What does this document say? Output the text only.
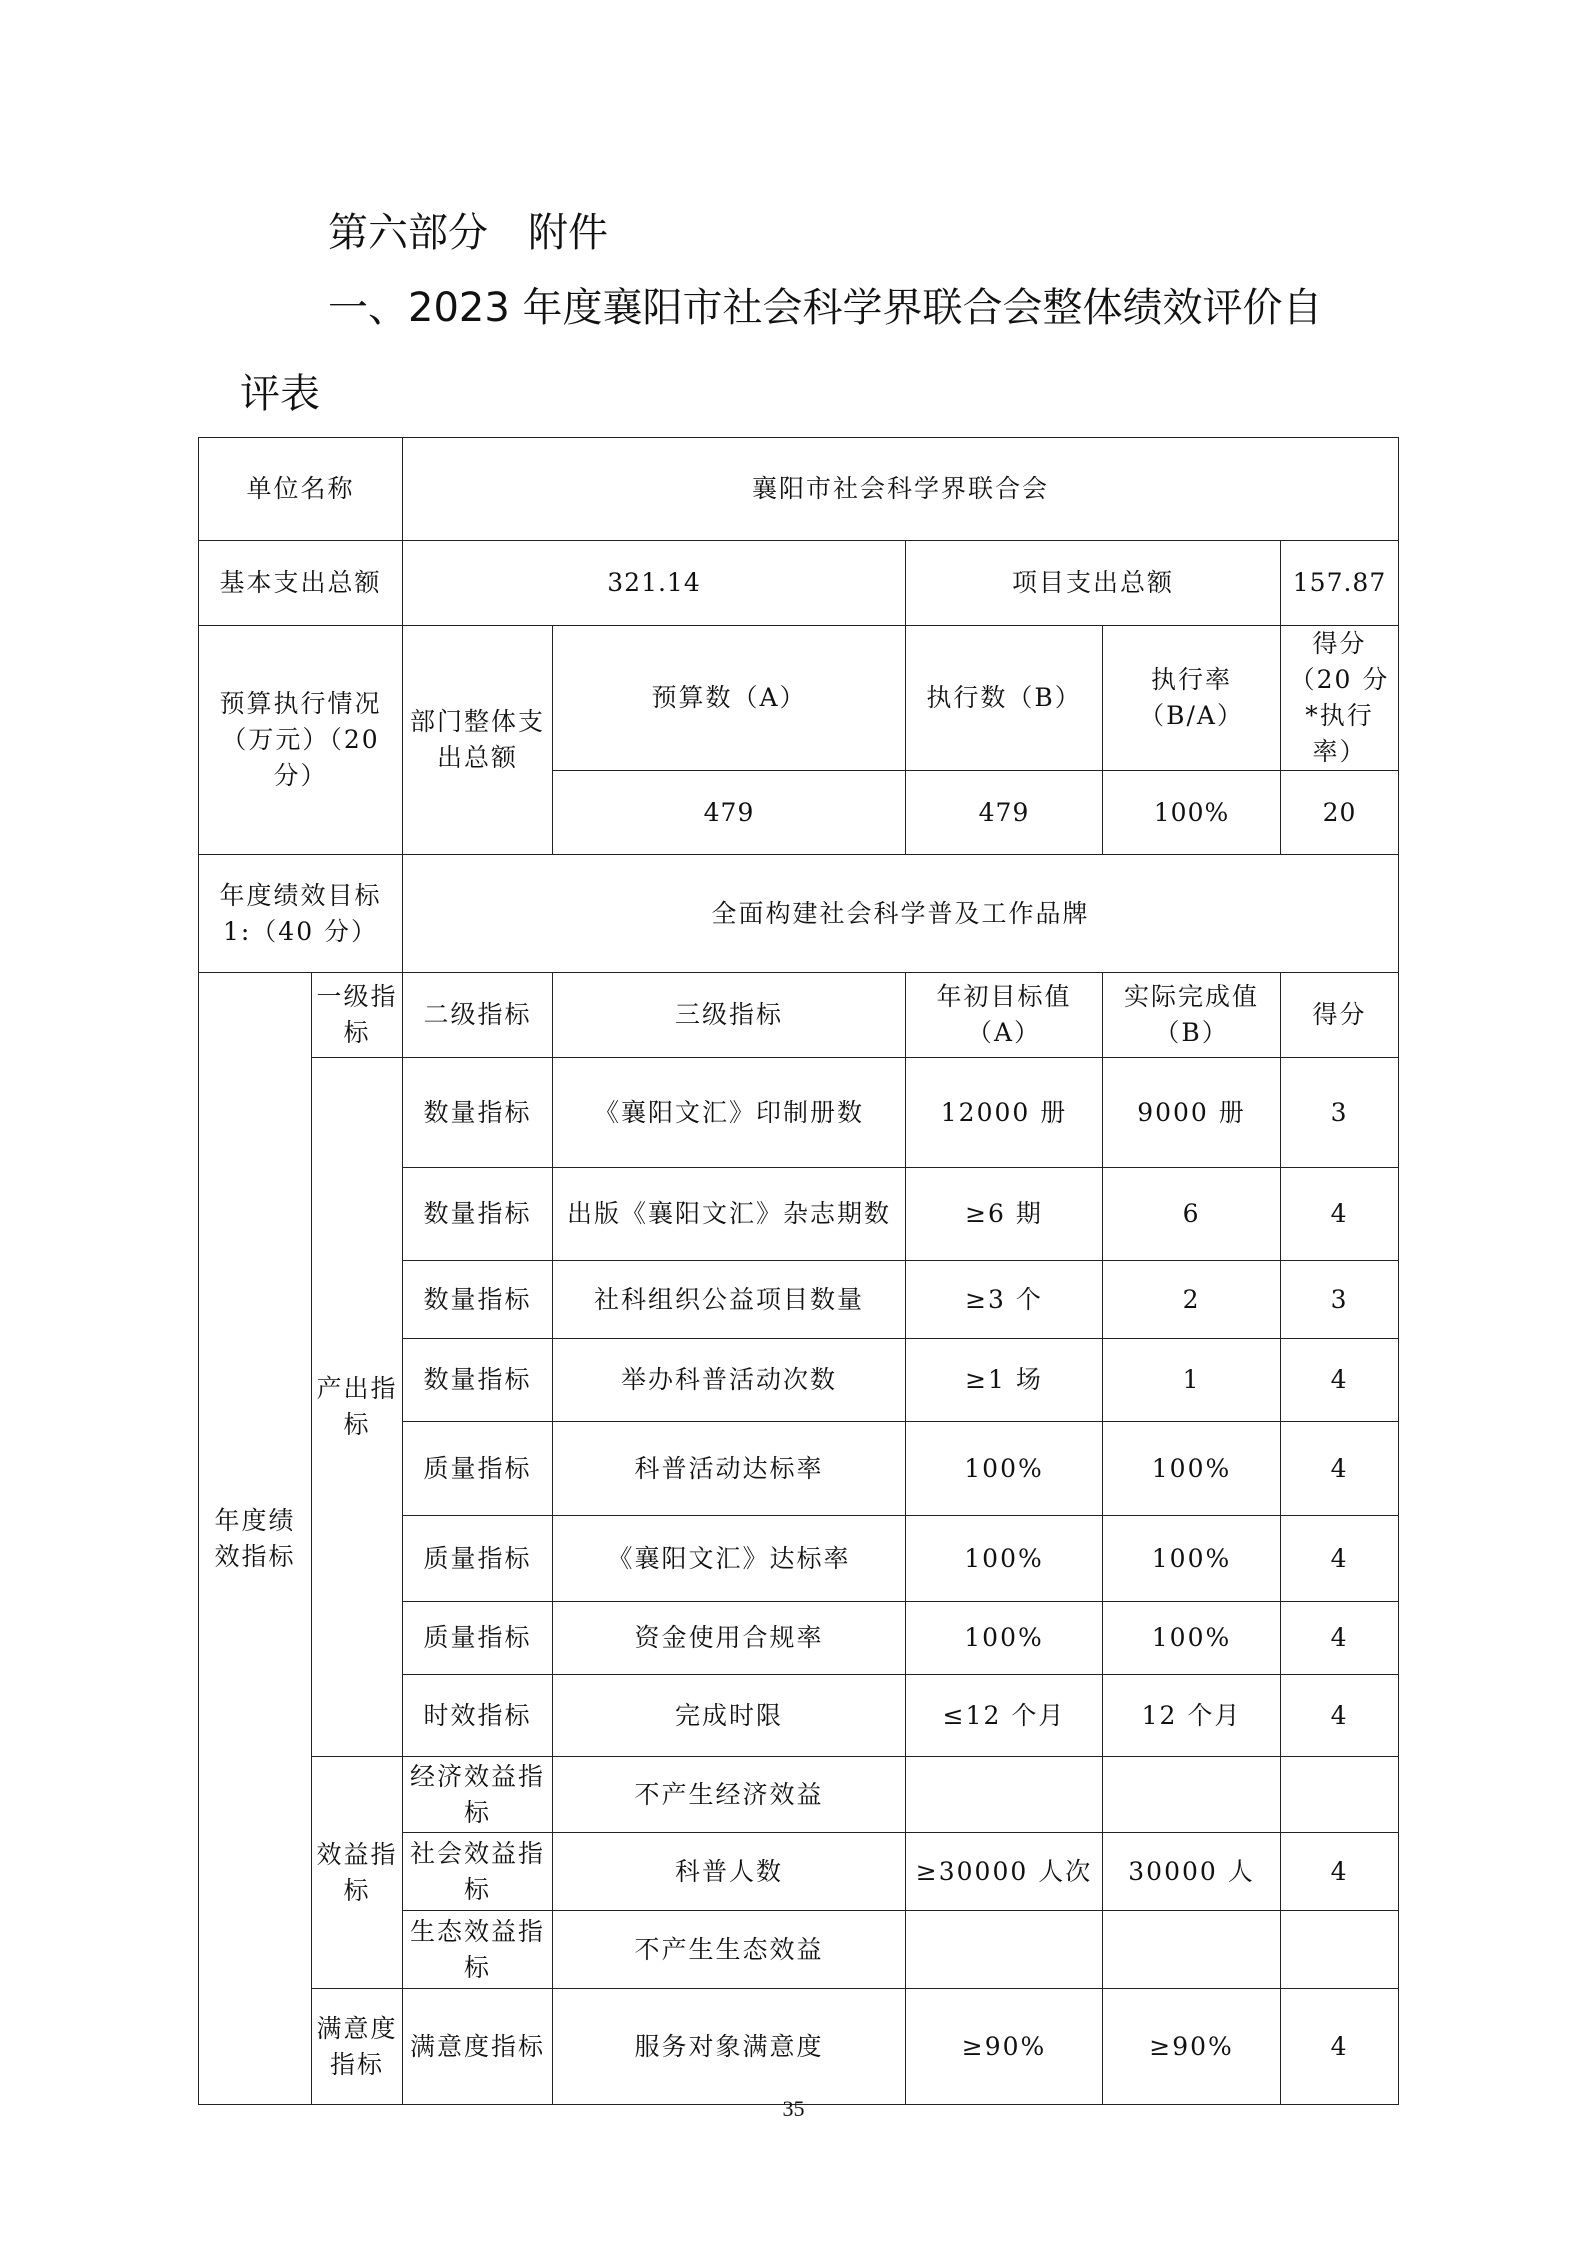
第六部分　附件
一、2023 年度襄阳市社会科学界联合会整体绩效评价自
评表
单位名称		襄阳市社会科学界联合会				
基本支出总额		321.14		项目支出总额		157.87
预算执行情况（万元）（20 分）		部门整体支出总额	预算数（A）	执行数（B）	执行率（B/A）	得分（20 分*执行率）
			479	479	100%	20
年度绩效目标 1:（40 分）		全面构建社会科学普及工作品牌				
年度绩效指标	一级指标	二级指标	三级指标	年初目标值（A）	实际完成值（B）	得分
	产出指标	数量指标	《襄阳文汇》印制册数	12000 册	9000 册	3
		数量指标	出版《襄阳文汇》杂志期数	≥6 期	6	4
		数量指标	社科组织公益项目数量	≥3 个	2	3
		数量指标	举办科普活动次数	≥1 场	1	4
		质量指标	科普活动达标率	100%	100%	4
		质量指标	《襄阳文汇》达标率	100%	100%	4
		质量指标	资金使用合规率	100%	100%	4
		时效指标	完成时限	≤12 个月	12 个月	4
	效益指标	经济效益指标	不产生经济效益			
		社会效益指标	科普人数	≥30000 人次	30000 人	4
		生态效益指标	不产生生态效益			
	满意度指标	满意度指标	服务对象满意度	≥90%	≥90%	4
35
